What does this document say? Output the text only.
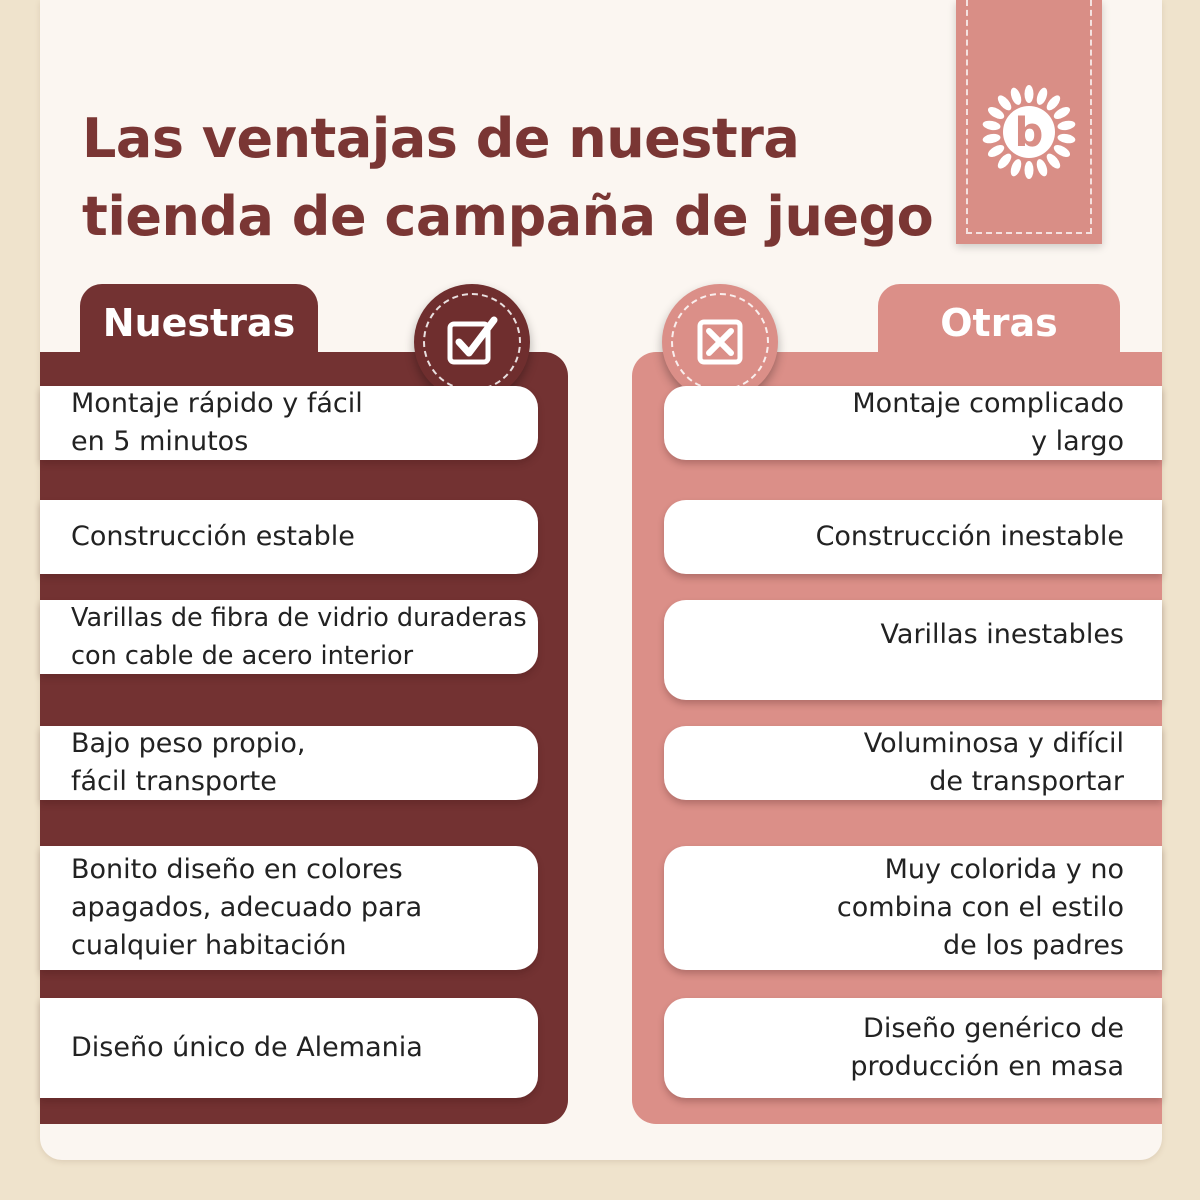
Las ventajas de nuestra
tienda de campaña de juego
b
Nuestras
Montaje rápido y fácil
en 5 minutos
Construcción estable
Varillas de fibra de vidrio duraderas
con cable de acero interior
Bajo peso propio,
fácil transporte
Bonito diseño en colores
apagados, adecuado para
cualquier habitación
Diseño único de Alemania
Otras
Montaje complicado
y largo
Construcción inestable
Varillas inestables
Voluminosa y difícil
de transportar
Muy colorida y no
combina con el estilo
de los padres
Diseño genérico de
producción en masa
